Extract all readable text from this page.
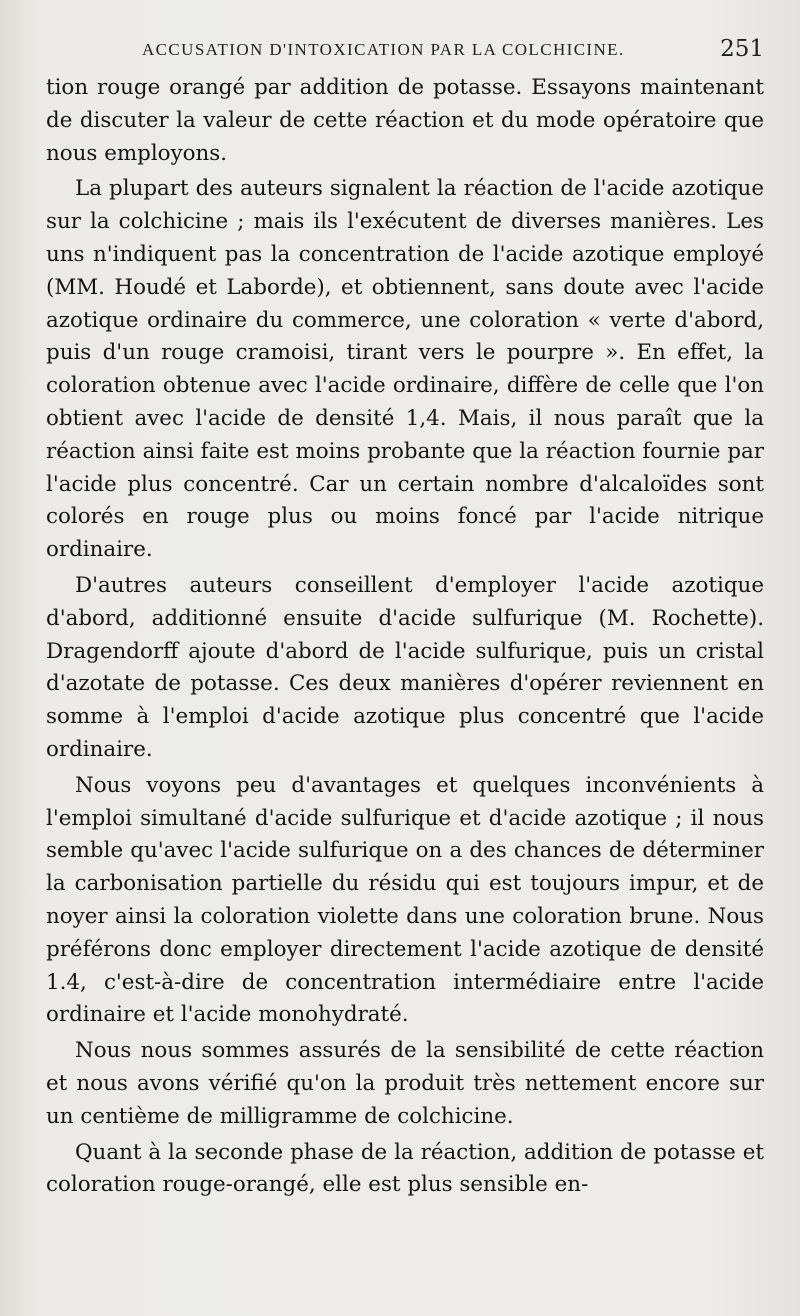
ACCUSATION D'INTOXICATION PAR LA COLCHICINE.	251

tion rouge orangé par addition de potasse. Essayons maintenant de discuter la valeur de cette réaction et du mode opératoire que nous employons.

La plupart des auteurs signalent la réaction de l'acide azotique sur la colchicine ; mais ils l'exécutent de diverses manières. Les uns n'indiquent pas la concentration de l'acide azotique employé (MM. Houdé et Laborde), et obtiennent, sans doute avec l'acide azotique ordinaire du commerce, une coloration « verte d'abord, puis d'un rouge cramoisi, tirant vers le pourpre ». En effet, la coloration obtenue avec l'acide ordinaire, diffère de celle que l'on obtient avec l'acide de densité 1,4. Mais, il nous paraît que la réaction ainsi faite est moins probante que la réaction fournie par l'acide plus concentré. Car un certain nombre d'alcaloïdes sont colorés en rouge plus ou moins foncé par l'acide nitrique ordinaire.

D'autres auteurs conseillent d'employer l'acide azotique d'abord, additionné ensuite d'acide sulfurique (M. Rochette). Dragendorff ajoute d'abord de l'acide sulfurique, puis un cristal d'azotate de potasse. Ces deux manières d'opérer reviennent en somme à l'emploi d'acide azotique plus concentré que l'acide ordinaire.

Nous voyons peu d'avantages et quelques inconvénients à l'emploi simultané d'acide sulfurique et d'acide azotique ; il nous semble qu'avec l'acide sulfurique on a des chances de déterminer la carbonisation partielle du résidu qui est toujours impur, et de noyer ainsi la coloration violette dans une coloration brune. Nous préférons donc employer directement l'acide azotique de densité 1.4, c'est-à-dire de concentration intermédiaire entre l'acide ordinaire et l'acide monohydraté.

Nous nous sommes assurés de la sensibilité de cette réaction et nous avons vérifié qu'on la produit très nettement encore sur un centième de milligramme de colchicine.

Quant à la seconde phase de la réaction, addition de potasse et coloration rouge-orangé, elle est plus sensible en-
